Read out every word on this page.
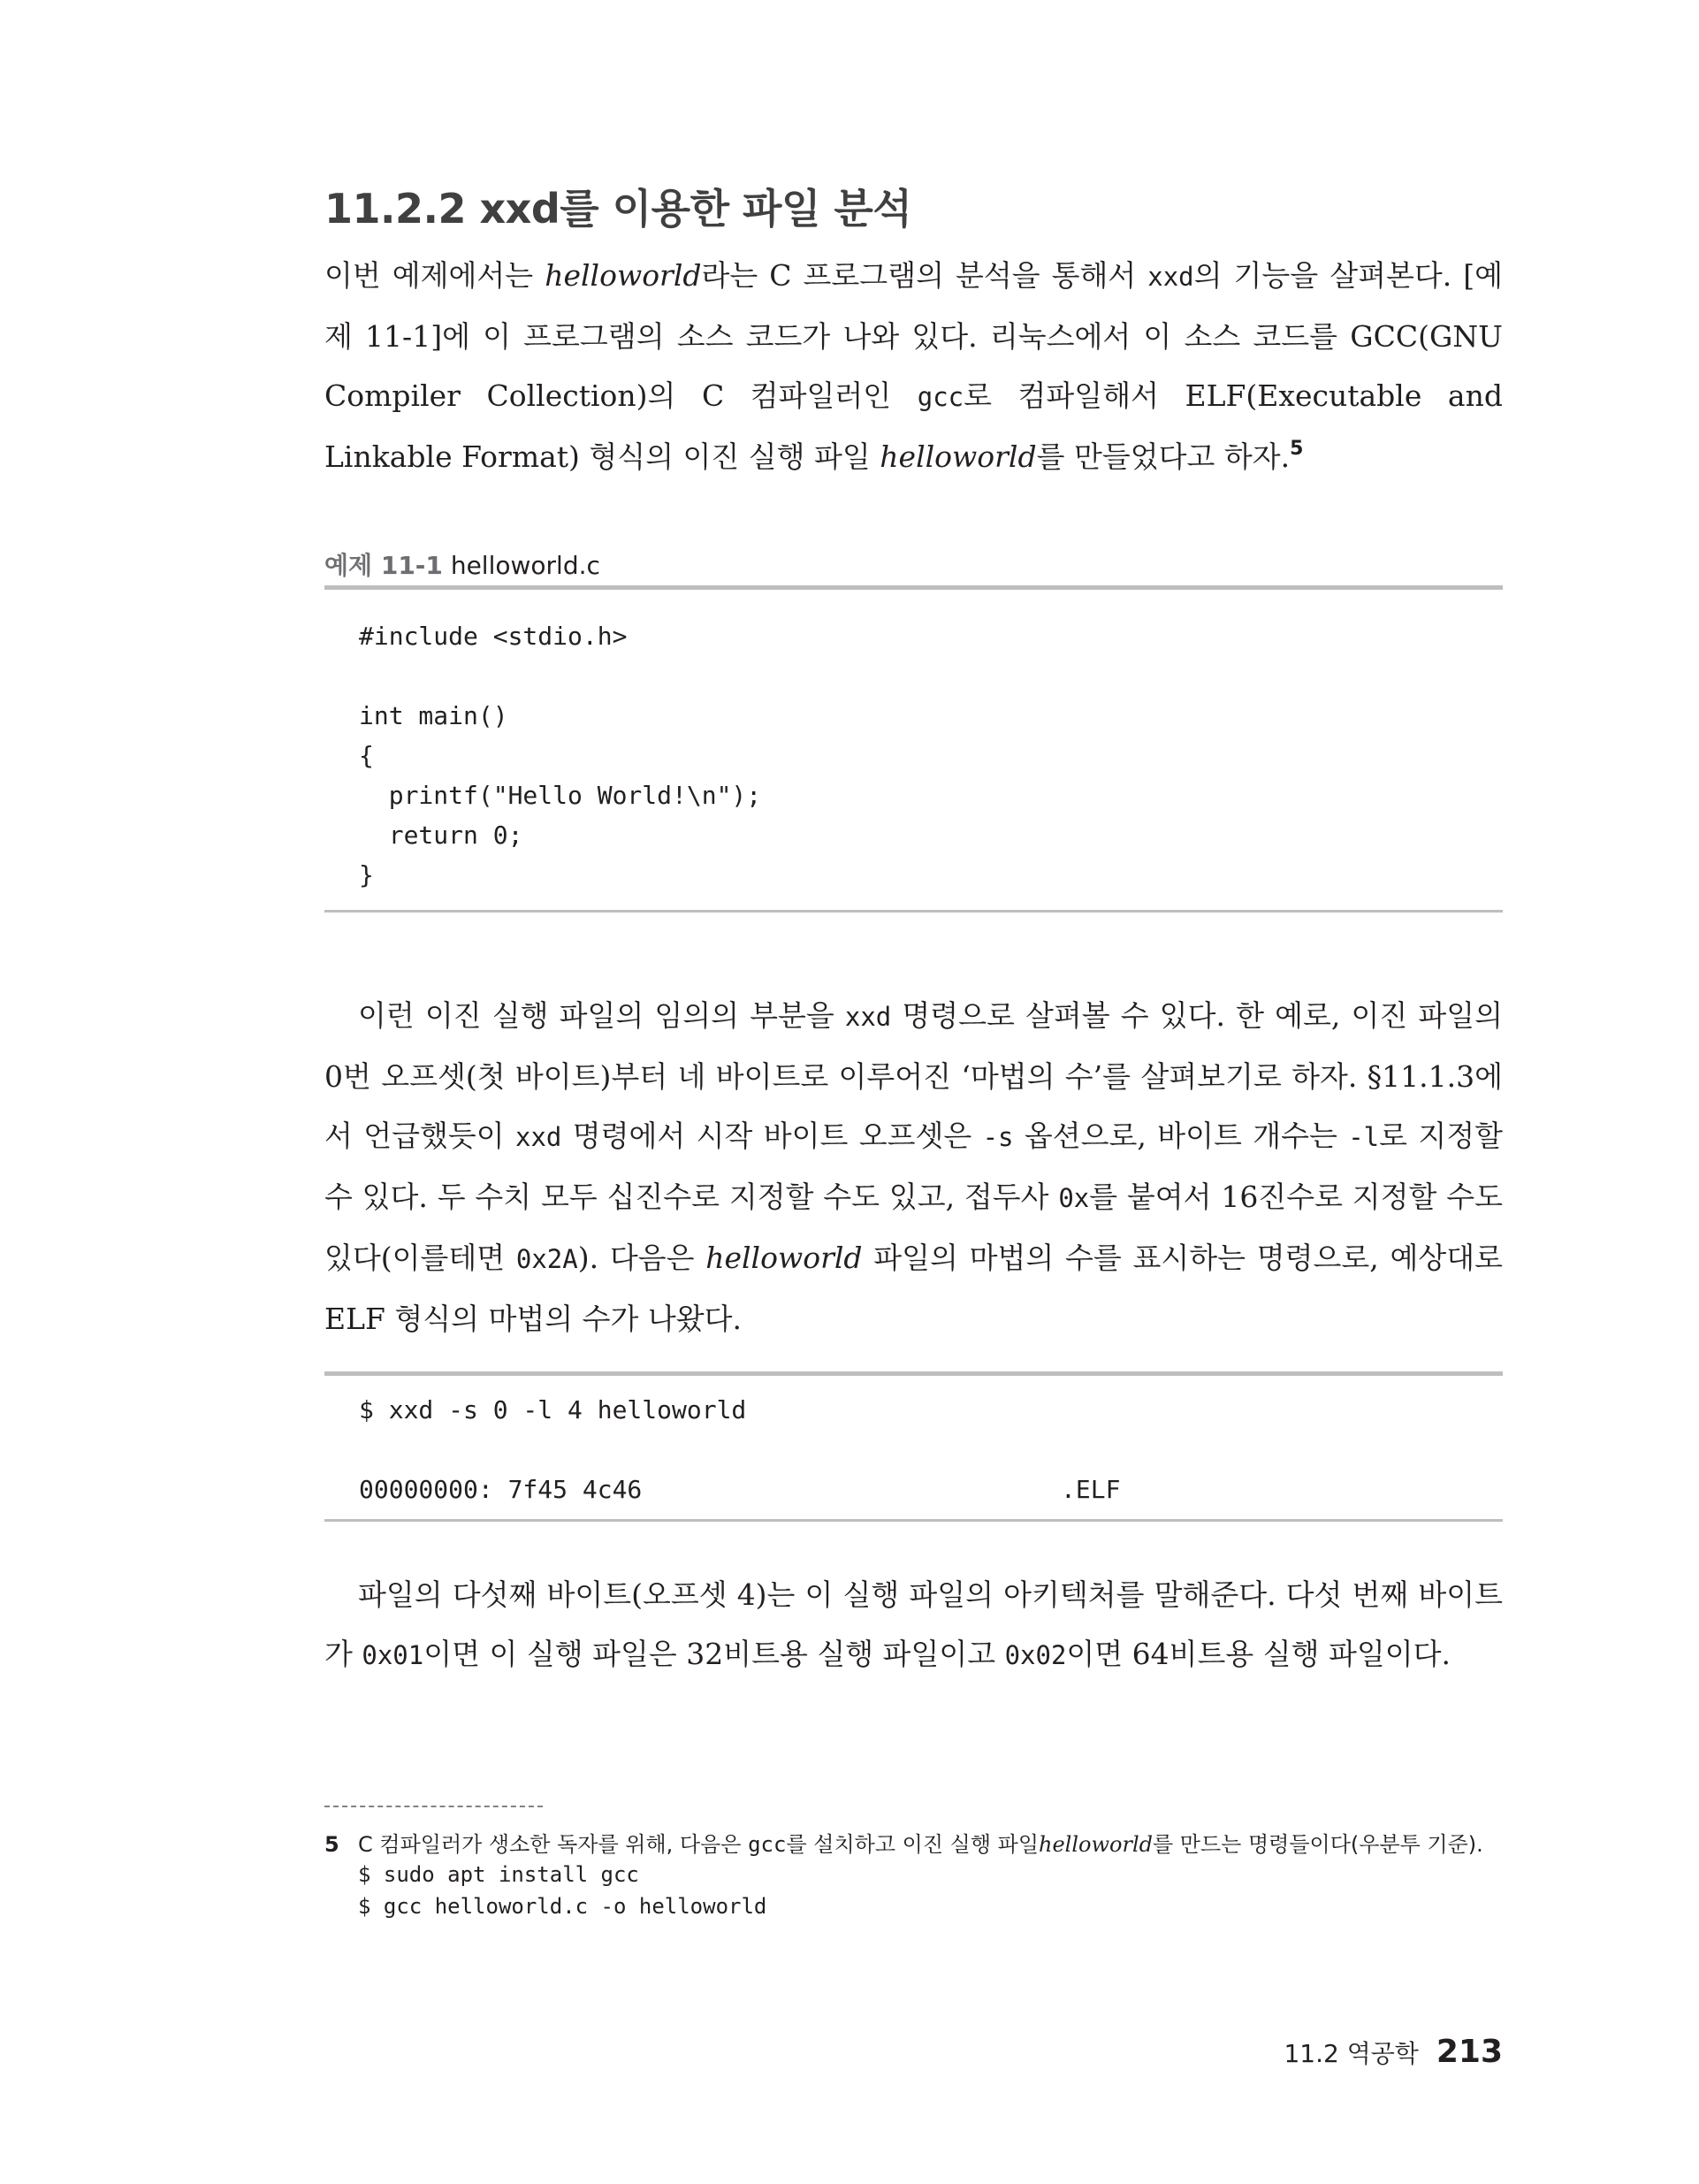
11.2.2 xxd를 이용한 파일 분석

이번 예제에서는 helloworld라는 C 프로그램의 분석을 통해서 xxd의 기능을 살펴본다. [예제 11-1]에 이 프로그램의 소스 코드가 나와 있다. 리눅스에서 이 소스 코드를 GCC(GNU Compiler Collection)의 C 컴파일러인 gcc로 컴파일해서 ELF(Executable and Linkable Format) 형식의 이진 실행 파일 helloworld를 만들었다고 하자.$^5$

예제 11-1 helloworld.c
#include <stdio.h>
int main()
{
printf("Hello World!\n");
return 0;
}

이런 이진 실행 파일의 임의의 부분을 xxd 명령으로 살펴볼 수 있다. 한 예로, 이진 파일의 0번 오프셋(첫 바이트)부터 네 바이트로 이루어진 ‘마법의 수’를 살펴보기로 하자. §11.1.3에서 언급했듯이 xxd 명령에서 시작 바이트 오프셋은 -s 옵션으로, 바이트 개수는 -l로 지정할 수 있다. 두 수치 모두 십진수로 지정할 수도 있고, 접두사 0x를 붙여서 16진수로 지정할 수도 있다(이를테면 0x2A). 다음은 helloworld 파일의 마법의 수를 표시하는 명령으로, 예상대로 ELF 형식의 마법의 수가 나왔다.

$ xxd -s 0 -l 4 helloworld
00000000: 7f45 4c46	.ELF

파일의 다섯째 바이트(오프셋 4)는 이 실행 파일의 아키텍처를 말해준다. 다섯 번째 바이트가 0x01이면 이 실행 파일은 32비트용 실행 파일이고 0x02이면 64비트용 실행 파일이다.

5 C 컴파일러가 생소한 독자를 위해, 다음은 gcc를 설치하고 이진 실행 파일helloworld를 만드는 명령들이다(우분투 기준).
$ sudo apt install gcc
$ gcc helloworld.c -o helloworld
11.2 역공학 213
